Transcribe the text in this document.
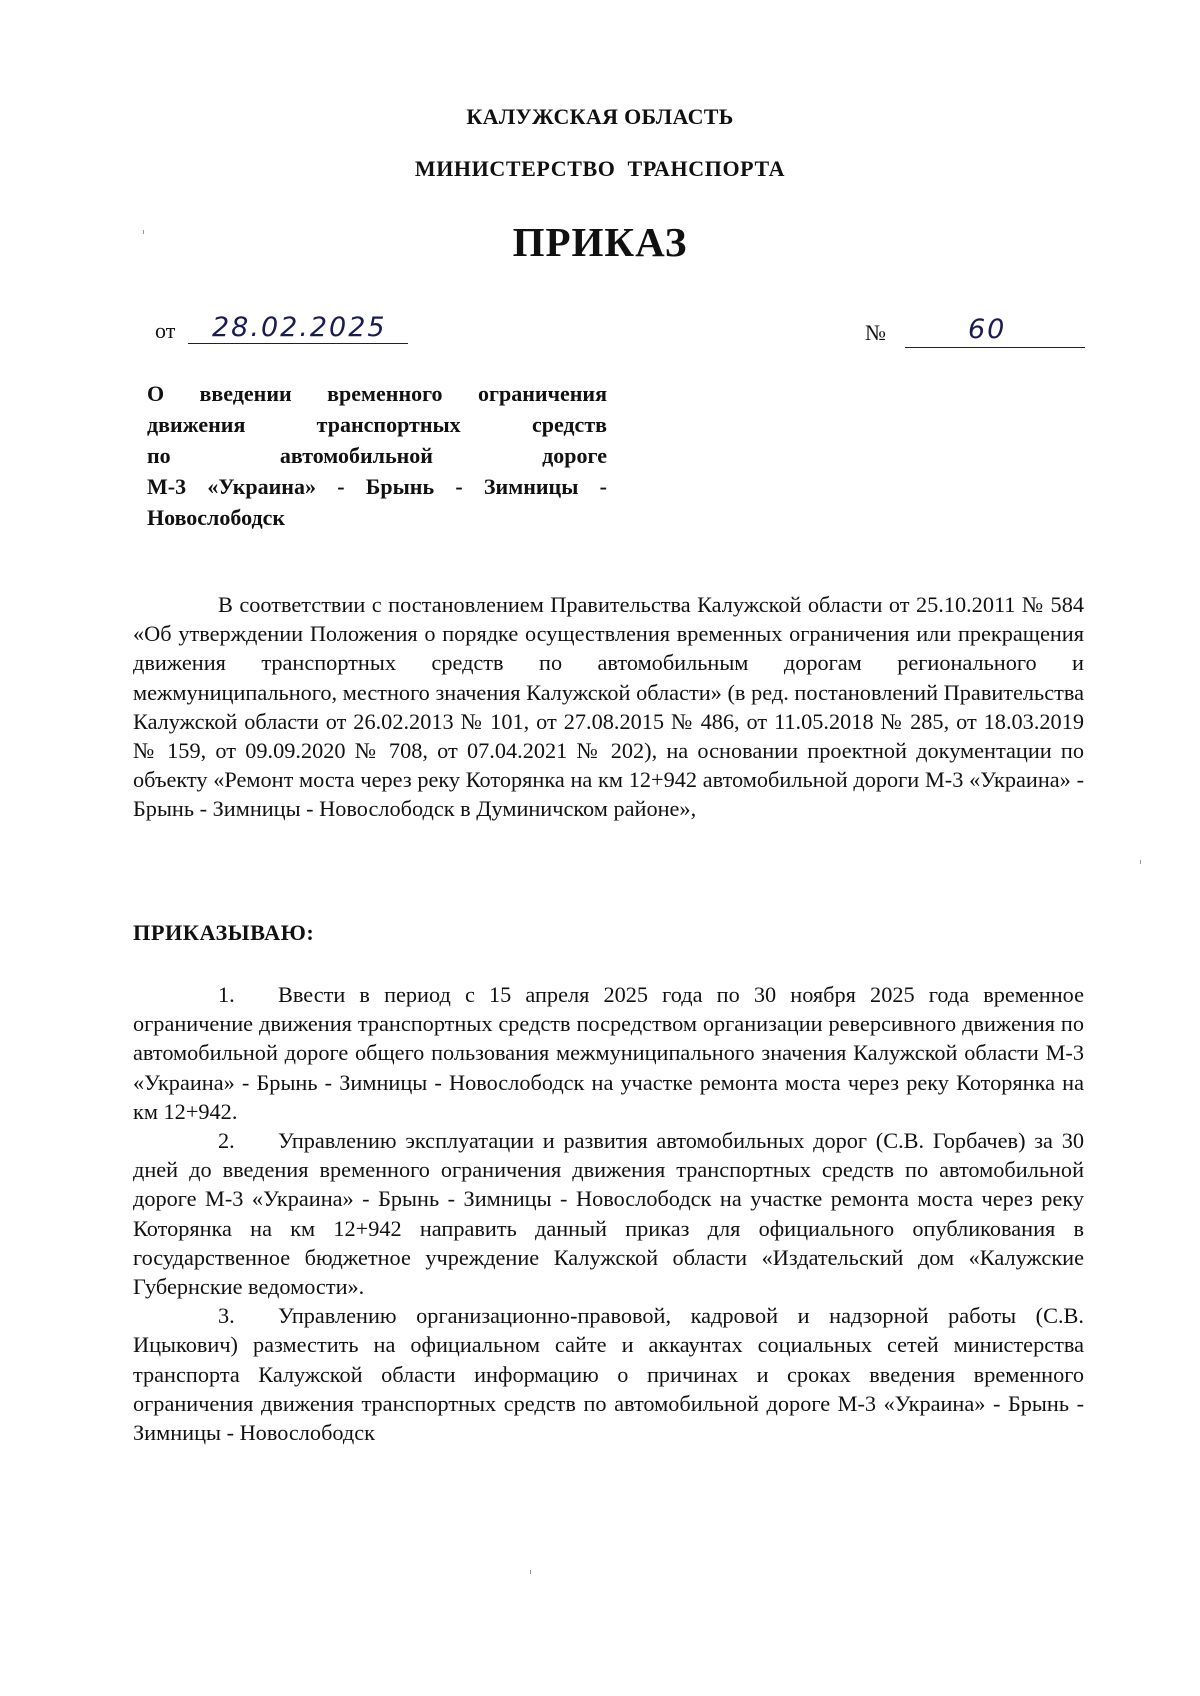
КАЛУЖСКАЯ ОБЛАСТЬ
МИНИСТЕРСТВО ТРАНСПОРТА
ПРИКАЗ
от 28.02.2025	№	60
О введении временного ограничения
движения транспортных средств
по автомобильной дороге
М-3 «Украина» - Брынь - Зимницы -
Новослободск
В соответствии с постановлением Правительства Калужской области от 25.10.2011 № 584 «Об утверждении Положения о порядке осуществления временных ограничения или прекращения движения транспортных средств по автомобильным дорогам регионального и межмуниципального, местного значения Калужской области» (в ред. постановлений Правительства Калужской области от 26.02.2013 № 101, от 27.08.2015 № 486, от 11.05.2018 № 285, от 18.03.2019 № 159, от 09.09.2020 № 708, от 07.04.2021 № 202), на основании проектной документации по объекту «Ремонт моста через реку Которянка на км 12+942 автомобильной дороги М-3 «Украина» - Брынь - Зимницы - Новослободск в Думиничском районе»,
ПРИКАЗЫВАЮ:

1. Ввести в период с 15 апреля 2025 года по 30 ноября 2025 года временное ограничение движения транспортных средств посредством организации реверсивного движения по автомобильной дороге общего пользования межмуниципального значения Калужской области М-3 «Украина» - Брынь - Зимницы - Новослободск на участке ремонта моста через реку Которянка на км 12+942.

2. Управлению эксплуатации и развития автомобильных дорог (С.В. Горбачев) за 30 дней до введения временного ограничения движения транспортных средств по автомобильной дороге М-3 «Украина» - Брынь - Зимницы - Новослободск на участке ремонта моста через реку Которянка на км 12+942 направить данный приказ для официального опубликования в государственное бюджетное учреждение Калужской области «Издательский дом «Калужские Губернские ведомости».

3. Управлению организационно-правовой, кадровой и надзорной работы (С.В. Ицыкович) разместить на официальном сайте и аккаунтах социальных сетей министерства транспорта Калужской области информацию о причинах и сроках введения временного ограничения движения транспортных средств по автомобильной дороге М-3 «Украина» - Брынь - Зимницы - Новослободск
